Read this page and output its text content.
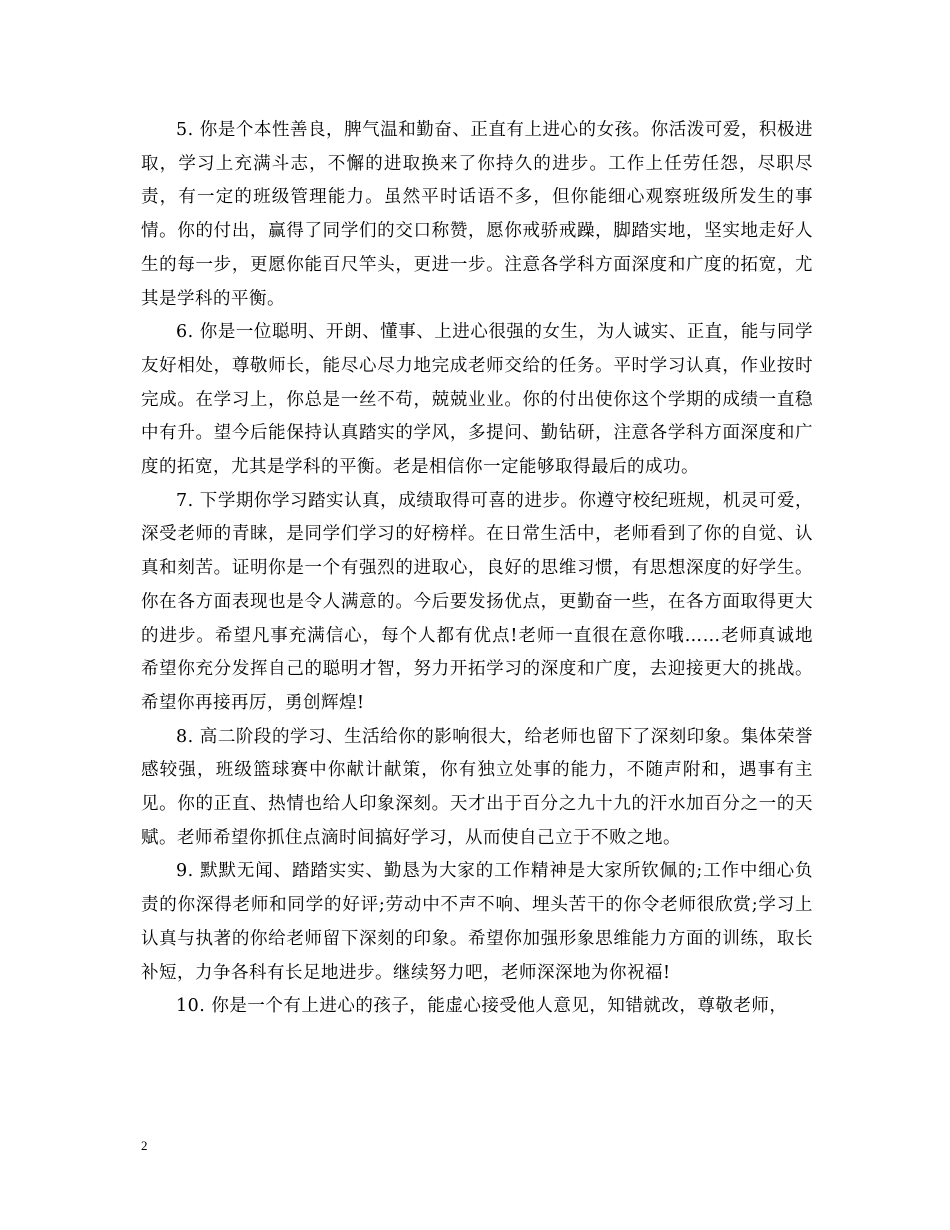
5. 你是个本性善良，脾气温和勤奋、正直有上进心的女孩。你活泼可爱，积极进取，学习上充满斗志，不懈的进取换来了你持久的进步。工作上任劳任怨，尽职尽责，有一定的班级管理能力。虽然平时话语不多，但你能细心观察班级所发生的事情。你的付出，赢得了同学们的交口称赞，愿你戒骄戒躁，脚踏实地，坚实地走好人生的每一步，更愿你能百尺竿头，更进一步。注意各学科方面深度和广度的拓宽，尤其是学科的平衡。

6. 你是一位聪明、开朗、懂事、上进心很强的女生，为人诚实、正直，能与同学友好相处，尊敬师长，能尽心尽力地完成老师交给的任务。平时学习认真，作业按时完成。在学习上，你总是一丝不苟，兢兢业业。你的付出使你这个学期的成绩一直稳中有升。望今后能保持认真踏实的学风，多提问、勤钻研，注意各学科方面深度和广度的拓宽，尤其是学科的平衡。老是相信你一定能够取得最后的成功。

7. 下学期你学习踏实认真，成绩取得可喜的进步。你遵守校纪班规，机灵可爱，深受老师的青睐，是同学们学习的好榜样。在日常生活中，老师看到了你的自觉、认真和刻苦。证明你是一个有强烈的进取心，良好的思维习惯，有思想深度的好学生。你在各方面表现也是令人满意的。今后要发扬优点，更勤奋一些，在各方面取得更大的进步。希望凡事充满信心，每个人都有优点!老师一直很在意你哦……老师真诚地希望你充分发挥自己的聪明才智，努力开拓学习的深度和广度，去迎接更大的挑战。希望你再接再厉，勇创辉煌!

8. 高二阶段的学习、生活给你的影响很大，给老师也留下了深刻印象。集体荣誉感较强，班级篮球赛中你献计献策，你有独立处事的能力，不随声附和，遇事有主见。你的正直、热情也给人印象深刻。天才出于百分之九十九的汗水加百分之一的天赋。老师希望你抓住点滴时间搞好学习，从而使自己立于不败之地。

9. 默默无闻、踏踏实实、勤恳为大家的工作精神是大家所钦佩的;工作中细心负责的你深得老师和同学的好评;劳动中不声不响、埋头苦干的你令老师很欣赏;学习上认真与执著的你给老师留下深刻的印象。希望你加强形象思维能力方面的训练，取长补短，力争各科有长足地进步。继续努力吧，老师深深地为你祝福!

10. 你是一个有上进心的孩子，能虚心接受他人意见，知错就改，尊敬老师，

2
